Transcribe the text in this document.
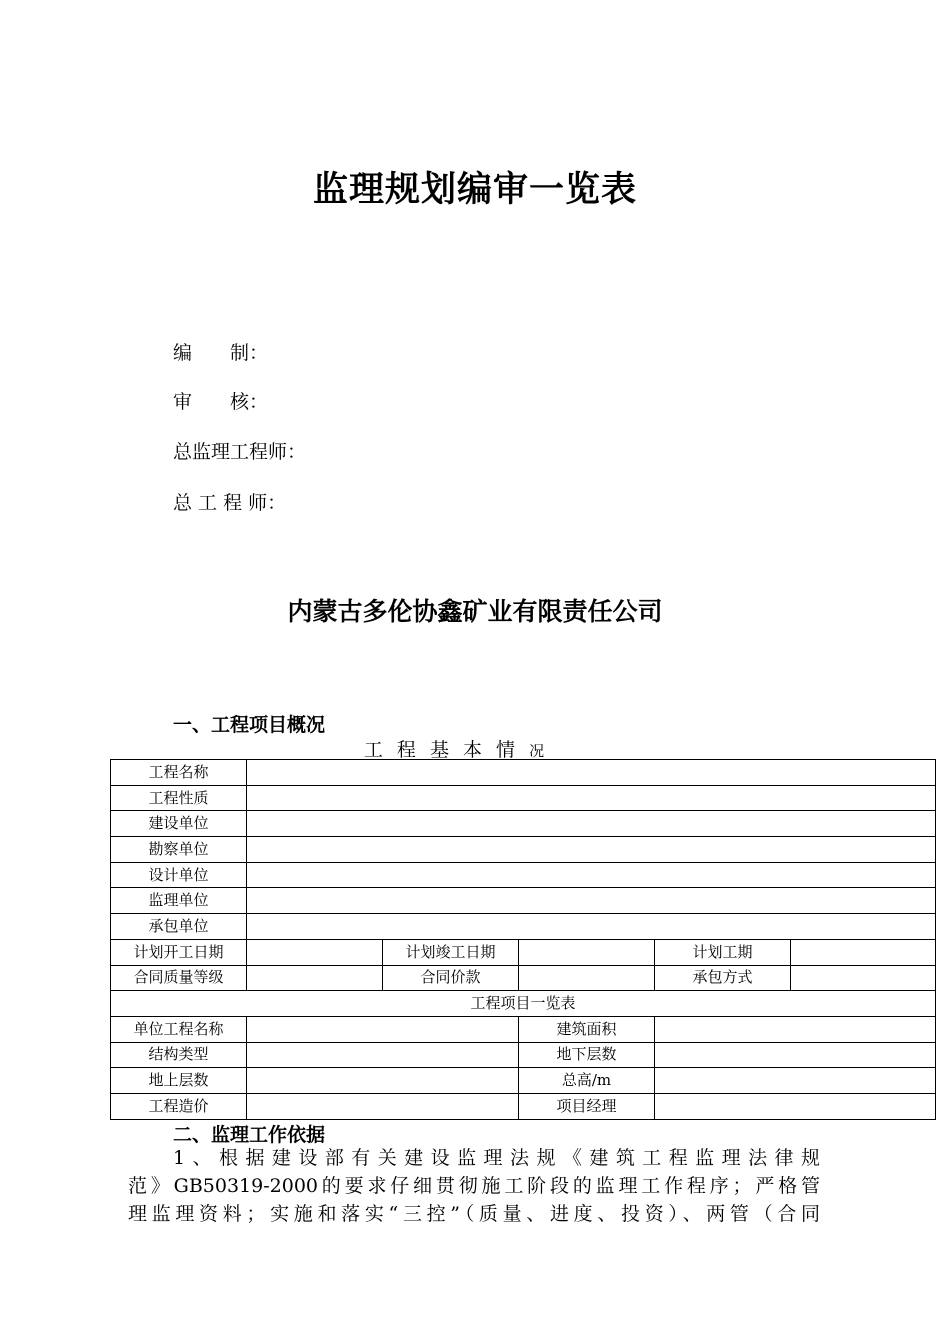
监理规划编审一览表
编　　制：
审　　核：
总监理工程师：
总 工 程 师：
内蒙古多伦协鑫矿业有限责任公司
一、工程项目概况
工 程 基 本 情 况
工程名称					
工程性质					
建设单位					
勘察单位					
设计单位					
监理单位					
承包单位					
计划开工日期		计划竣工日期		计划工期	
合同质量等级		合同价款		承包方式	
工程项目一览表					
单位工程名称			建筑面积		
结构类型			地下层数		
地上层数			总高/m		
工程造价			项目经理		
二、监理工作依据
1、根据建设部有关建设监理法规《建筑工程监理法律规
范》GB50319-2000的要求仔细贯彻施工阶段的监理工作程序；严格管
理监理资料；实施和落实“三控”（质量、进度、投资）、两管（合同
